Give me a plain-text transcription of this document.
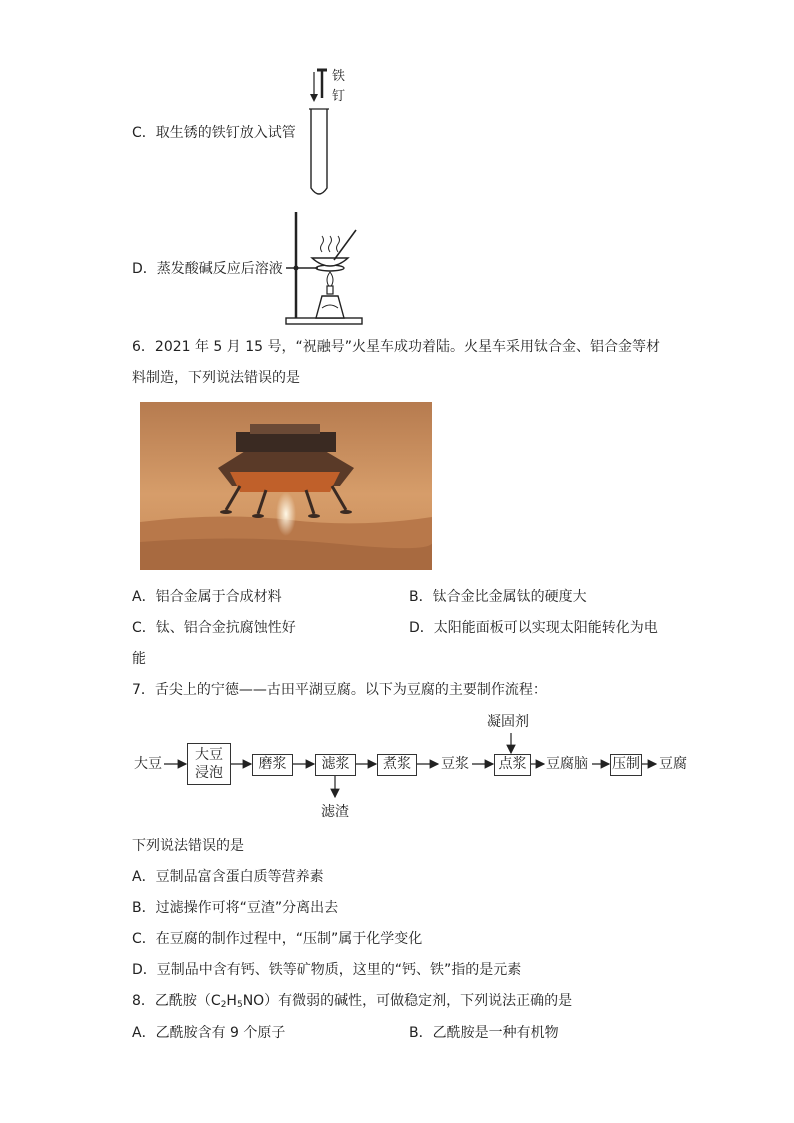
C．取生锈的铁钉放入试管
铁
钉
D．蒸发酸碱反应后溶液
6．2021 年 5 月 15 号，“祝融号”火星车成功着陆。火星车采用钛合金、铝合金等材
料制造，下列说法错误的是
A．铝合金属于合成材料	B．钛合金比金属钛的硬度大
C．钛、铝合金抗腐蚀性好	D．太阳能面板可以实现太阳能转化为电
能
7．舌尖上的宁德——古田平湖豆腐。以下为豆腐的主要制作流程：
大豆
大豆
浸泡
磨浆	滤浆	煮浆	豆浆
凝固剂
点浆	豆腐脑 压制 豆腐
滤渣
下列说法错误的是
A．豆制品富含蛋白质等营养素
B．过滤操作可将“豆渣”分离出去
C．在豆腐的制作过程中，“压制”属于化学变化
D．豆制品中含有钙、铁等矿物质，这里的“钙、铁”指的是元素
8．乙酰胺$(C_2H_5NO)$有微弱的碱性，可做稳定剂，下列说法正确的是
A．乙酰胺含有 9 个原子	B．乙酰胺是一种有机物
